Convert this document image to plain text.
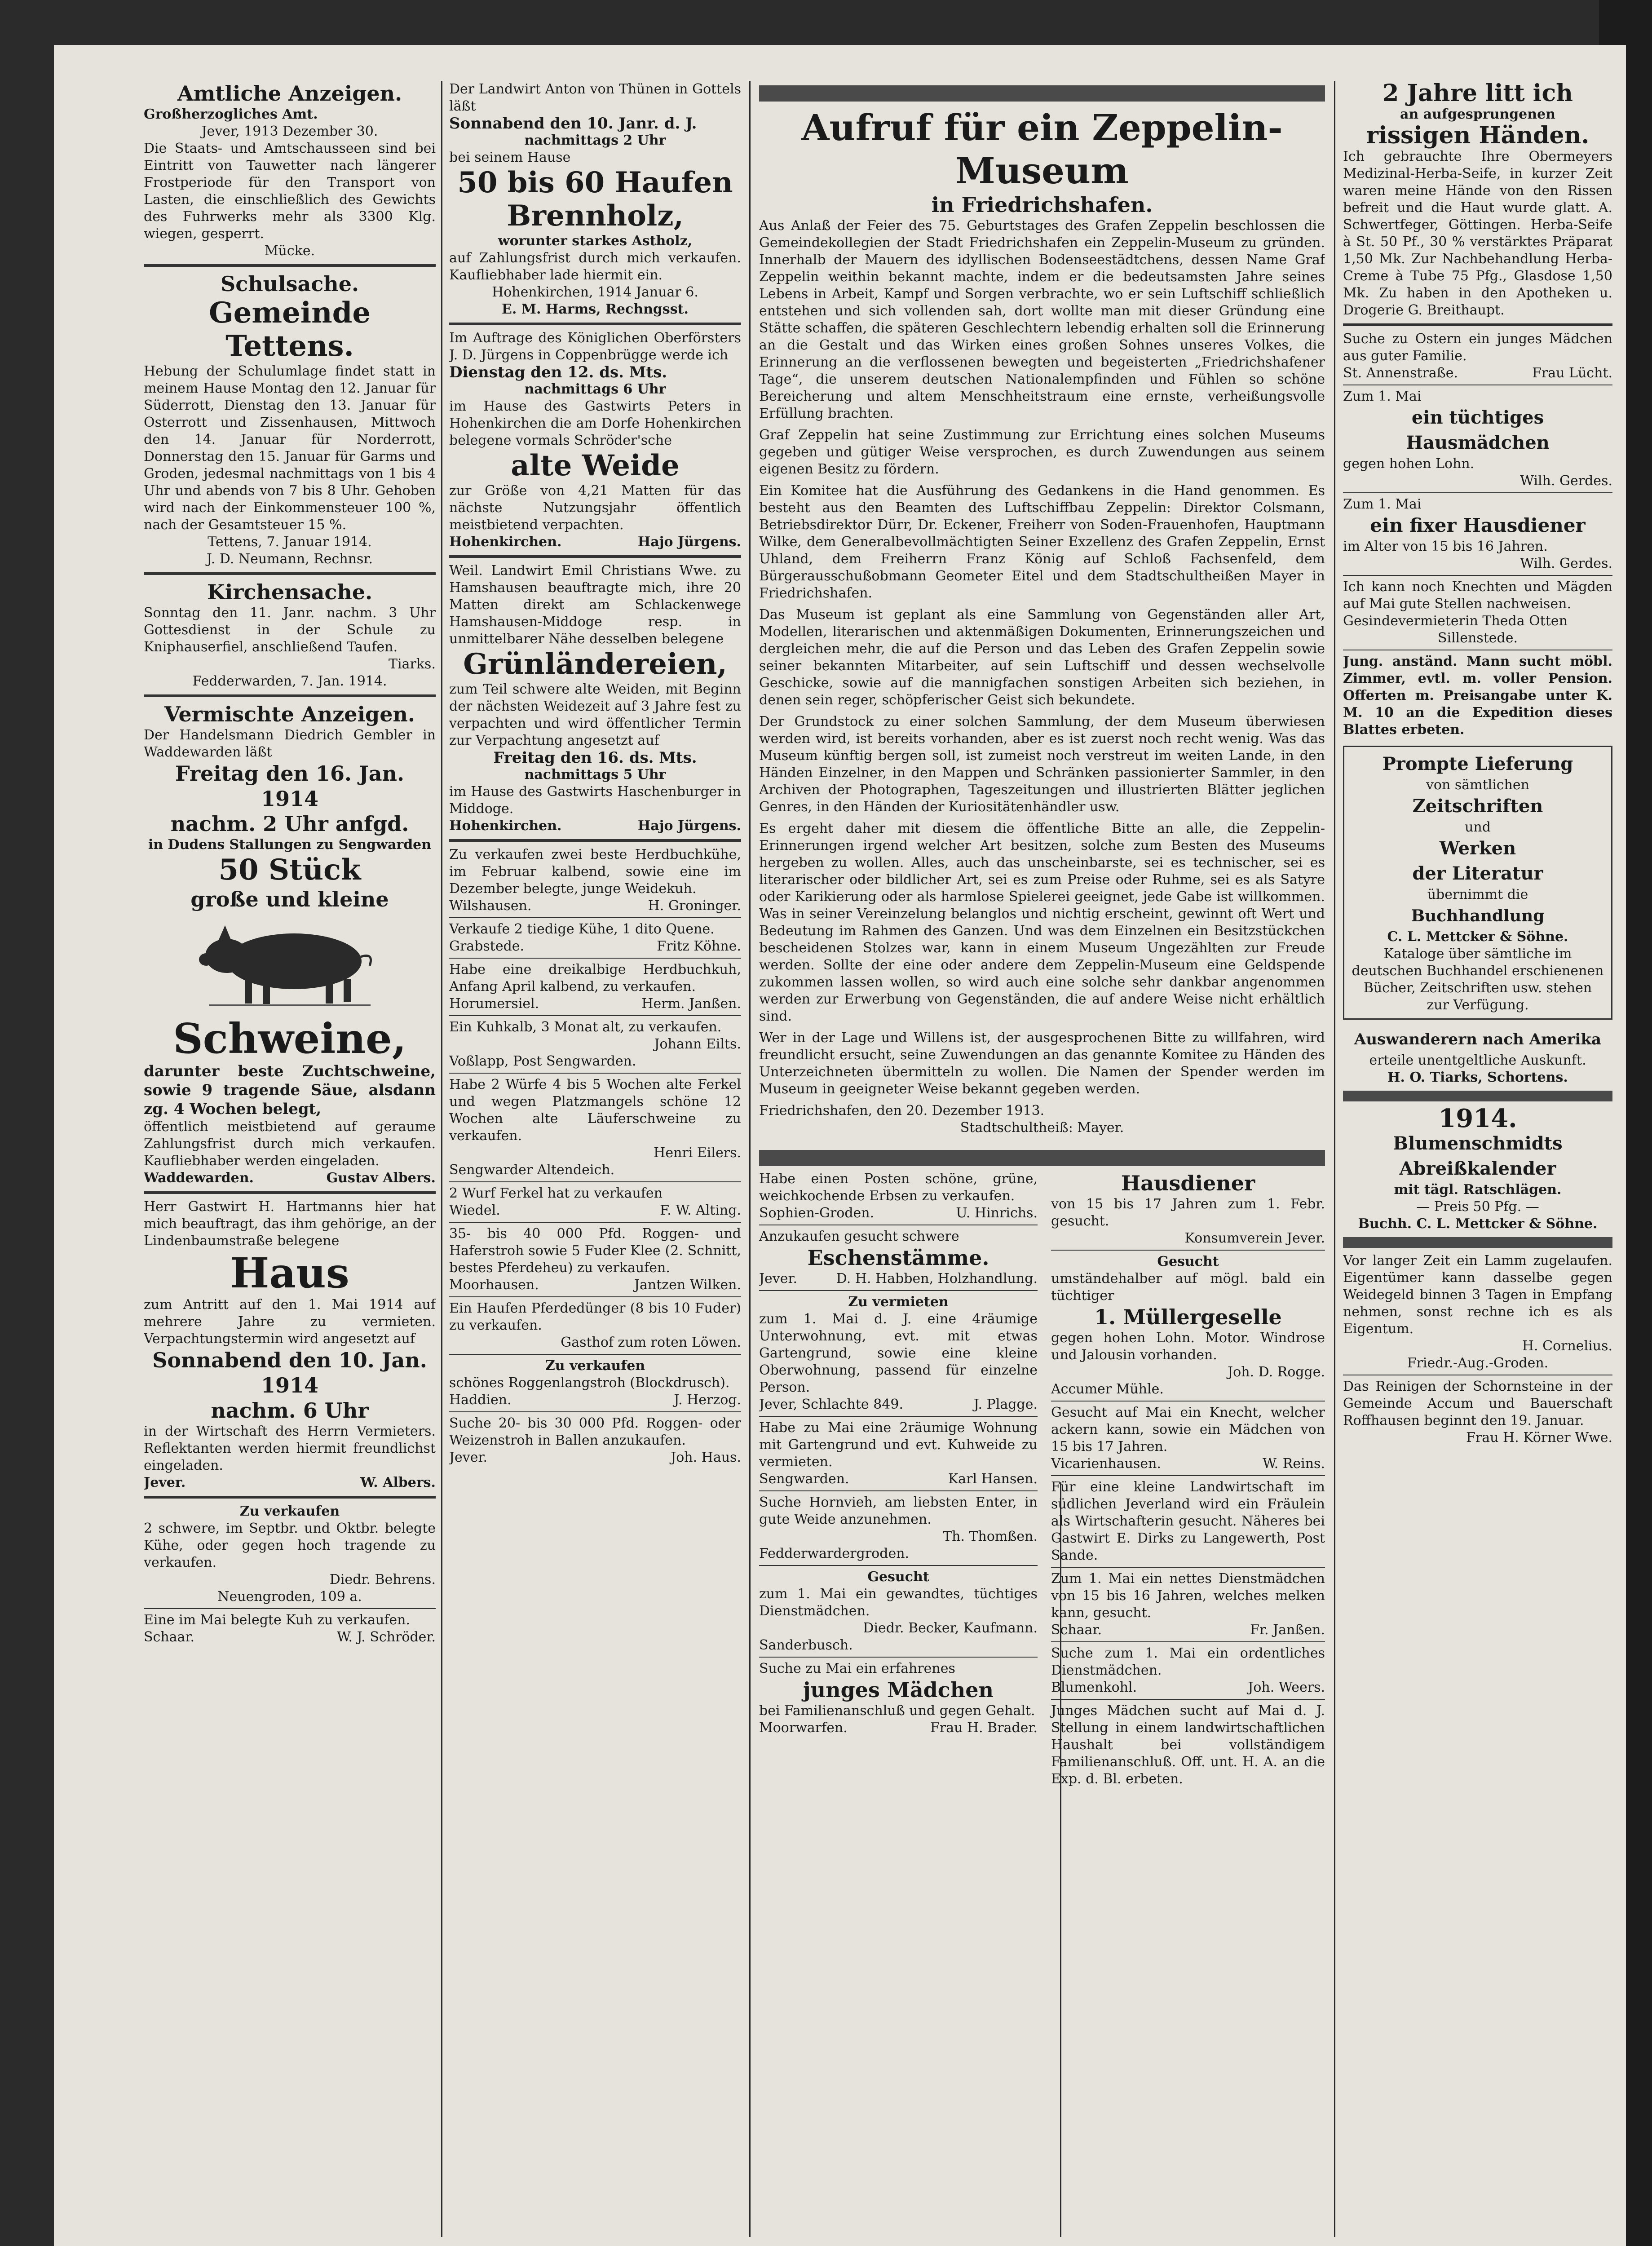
Amtliche Anzeigen.
Großherzogliches Amt.
Jever, 1913 Dezember 30.
Die Staats- und Amtschausseen sind bei Eintritt von Tauwetter nach längerer Frostperiode für den Transport von Lasten, die einschließlich des Gewichts des Fuhrwerks mehr als 3300 Klg. wiegen, gesperrt.
Mücke.
Schulsache.
Gemeinde Tettens.
Hebung der Schulumlage findet statt in meinem Hause Montag den 12. Januar für Süderrott, Dienstag den 13. Januar für Osterrott und Zissenhausen, Mittwoch den 14. Januar für Norderrott, Donnerstag den 15. Januar für Garms und Groden, jedesmal nachmittags von 1 bis 4 Uhr und abends von 7 bis 8 Uhr. Gehoben wird nach der Einkommensteuer 100 %, nach der Gesamtsteuer 15 %.
Tettens, 7. Januar 1914.
J. D. Neumann, Rechnsr.
Kirchensache.
Sonntag den 11. Janr. nachm. 3 Uhr Gottesdienst in der Schule zu Kniphauserfiel, anschließend Taufen.
Tiarks.
Fedderwarden, 7. Jan. 1914.
Vermischte Anzeigen.
Der Handelsmann Diedrich Gembler in Waddewarden läßt
Freitag den 16. Jan. 1914
nachm. 2 Uhr anfgd.
in Dudens Stallungen zu Sengwarden
50 Stück
große und kleine
Schweine,
darunter beste Zuchtschweine, sowie 9 tragende Säue, alsdann zg. 4 Wochen belegt,
öffentlich meistbietend auf geraume Zahlungsfrist durch mich verkaufen. Kaufliebhaber werden eingeladen.
Waddewarden.	Gustav Albers.
Herr Gastwirt H. Hartmanns hier hat mich beauftragt, das ihm gehörige, an der Lindenbaumstraße belegene
Haus
zum Antritt auf den 1. Mai 1914 auf mehrere Jahre zu vermieten. Verpachtungstermin wird angesetzt auf
Sonnabend den 10. Jan. 1914
nachm. 6 Uhr
in der Wirtschaft des Herrn Vermieters. Reflektanten werden hiermit freundlichst eingeladen.
Jever.	W. Albers.
Zu verkaufen
2 schwere, im Septbr. und Oktbr. belegte Kühe, oder gegen hoch tragende zu verkaufen.
Diedr. Behrens.
Neuengroden, 109 a.
Eine im Mai belegte Kuh zu verkaufen.
Schaar.	W. J. Schröder.
Der Landwirt Anton von Thünen in Gottels läßt
Sonnabend den 10. Janr. d. J.
nachmittags 2 Uhr
bei seinem Hause
50 bis 60 Haufen
Brennholz,
worunter starkes Astholz,
auf Zahlungsfrist durch mich verkaufen. Kaufliebhaber lade hiermit ein.
Hohenkirchen, 1914 Januar 6.
E. M. Harms, Rechngsst.
Im Auftrage des Königlichen Oberförsters J. D. Jürgens in Coppenbrügge werde ich
Dienstag den 12. ds. Mts.
nachmittags 6 Uhr
im Hause des Gastwirts Peters in Hohenkirchen die am Dorfe Hohenkirchen belegene vormals Schröder'sche
alte Weide
zur Größe von 4,21 Matten für das nächste Nutzungsjahr öffentlich meistbietend verpachten.
Hohenkirchen.	Hajo Jürgens.
Weil. Landwirt Emil Christians Wwe. zu Hamshausen beauftragte mich, ihre 20 Matten direkt am Schlackenwege Hamshausen-Middoge resp. in unmittelbarer Nähe desselben belegene
Grünländereien,
zum Teil schwere alte Weiden, mit Beginn der nächsten Weidezeit auf 3 Jahre fest zu verpachten und wird öffentlicher Termin zur Verpachtung angesetzt auf
Freitag den 16. ds. Mts.
nachmittags 5 Uhr
im Hause des Gastwirts Haschenburger in Middoge.
Hohenkirchen.	Hajo Jürgens.
Zu verkaufen zwei beste Herdbuchkühe, im Februar kalbend, sowie eine im Dezember belegte, junge Weidekuh.
Wilshausen.	H. Groninger.
Verkaufe 2 tiedige Kühe, 1 dito Quene.
Grabstede.	Fritz Köhne.
Habe eine dreikalbige Herdbuchkuh, Anfang April kalbend, zu verkaufen.
Horumersiel.	Herm. Janßen.
Ein Kuhkalb, 3 Monat alt, zu verkaufen.
Johann Eilts.
Voßlapp, Post Sengwarden.
Habe 2 Würfe 4 bis 5 Wochen alte Ferkel und wegen Platzmangels schöne 12 Wochen alte Läuferschweine zu verkaufen.
Henri Eilers.
Sengwarder Altendeich.
2 Wurf Ferkel hat zu verkaufen
Wiedel.	F. W. Alting.
35- bis 40 000 Pfd. Roggen- und Haferstroh sowie 5 Fuder Klee (2. Schnitt, bestes Pferdeheu) zu verkaufen.
Moorhausen.	Jantzen Wilken.
Ein Haufen Pferdedünger (8 bis 10 Fuder) zu verkaufen.
Gasthof zum roten Löwen.
Zu verkaufen
schönes Roggenlangstroh (Blockdrusch).
Haddien.	J. Herzog.
Suche 20- bis 30 000 Pfd. Roggen- oder Weizenstroh in Ballen anzukaufen.
Jever.	Joh. Haus.
Aufruf für ein Zeppelin-Museum
in Friedrichshafen.
Aus Anlaß der Feier des 75. Geburtstages des Grafen Zeppelin beschlossen die Gemeindekollegien der Stadt Friedrichshafen ein Zeppelin-Museum zu gründen. Innerhalb der Mauern des idyllischen Bodenseestädtchens, dessen Name Graf Zeppelin weithin bekannt machte, indem er die bedeutsamsten Jahre seines Lebens in Arbeit, Kampf und Sorgen verbrachte, wo er sein Luftschiff schließlich entstehen und sich vollenden sah, dort wollte man mit dieser Gründung eine Stätte schaffen, die späteren Geschlechtern lebendig erhalten soll die Erinnerung an die Gestalt und das Wirken eines großen Sohnes unseres Volkes, die Erinnerung an die verflossenen bewegten und begeisterten „Friedrichshafener Tage“, die unserem deutschen Nationalempfinden und Fühlen so schöne Bereicherung und altem Menschheitstraum eine ernste, verheißungsvolle Erfüllung brachten.
Graf Zeppelin hat seine Zustimmung zur Errichtung eines solchen Museums gegeben und gütiger Weise versprochen, es durch Zuwendungen aus seinem eigenen Besitz zu fördern.
Ein Komitee hat die Ausführung des Gedankens in die Hand genommen. Es besteht aus den Beamten des Luftschiffbau Zeppelin: Direktor Colsmann, Betriebsdirektor Dürr, Dr. Eckener, Freiherr von Soden-Frauenhofen, Hauptmann Wilke, dem Generalbevollmächtigten Seiner Exzellenz des Grafen Zeppelin, Ernst Uhland, dem Freiherrn Franz König auf Schloß Fachsenfeld, dem Bürgerausschußobmann Geometer Eitel und dem Stadtschultheißen Mayer in Friedrichshafen.
Das Museum ist geplant als eine Sammlung von Gegenständen aller Art, Modellen, literarischen und aktenmäßigen Dokumenten, Erinnerungszeichen und dergleichen mehr, die auf die Person und das Leben des Grafen Zeppelin sowie seiner bekannten Mitarbeiter, auf sein Luftschiff und dessen wechselvolle Geschicke, sowie auf die mannigfachen sonstigen Arbeiten sich beziehen, in denen sein reger, schöpferischer Geist sich bekundete.
Der Grundstock zu einer solchen Sammlung, der dem Museum überwiesen werden wird, ist bereits vorhanden, aber es ist zuerst noch recht wenig. Was das Museum künftig bergen soll, ist zumeist noch verstreut im weiten Lande, in den Händen Einzelner, in den Mappen und Schränken passionierter Sammler, in den Archiven der Photographen, Tageszeitungen und illustrierten Blätter jeglichen Genres, in den Händen der Kuriositätenhändler usw.
Es ergeht daher mit diesem die öffentliche Bitte an alle, die Zeppelin-Erinnerungen irgend welcher Art besitzen, solche zum Besten des Museums hergeben zu wollen. Alles, auch das unscheinbarste, sei es technischer, sei es literarischer oder bildlicher Art, sei es zum Preise oder Ruhme, sei es als Satyre oder Karikierung oder als harmlose Spielerei geeignet, jede Gabe ist willkommen. Was in seiner Vereinzelung belanglos und nichtig erscheint, gewinnt oft Wert und Bedeutung im Rahmen des Ganzen. Und was dem Einzelnen ein Besitzstückchen bescheidenen Stolzes war, kann in einem Museum Ungezählten zur Freude werden. Sollte der eine oder andere dem Zeppelin-Museum eine Geldspende zukommen lassen wollen, so wird auch eine solche sehr dankbar angenommen werden zur Erwerbung von Gegenständen, die auf andere Weise nicht erhältlich sind.
Wer in der Lage und Willens ist, der ausgesprochenen Bitte zu willfahren, wird freundlicht ersucht, seine Zuwendungen an das genannte Komitee zu Händen des Unterzeichneten übermitteln zu wollen. Die Namen der Spender werden im Museum in geeigneter Weise bekannt gegeben werden.
Friedrichshafen, den 20. Dezember 1913.
Stadtschultheiß: Mayer.
Habe einen Posten schöne, grüne, weichkochende Erbsen zu verkaufen.
Sophien-Groden.	U. Hinrichs.
Anzukaufen gesucht schwere
Eschenstämme.
Jever.	D. H. Habben, Holzhandlung.
Zu vermieten
zum 1. Mai d. J. eine 4räumige Unterwohnung, evt. mit etwas Gartengrund, sowie eine kleine Oberwohnung, passend für einzelne Person.
Jever, Schlachte 849.	J. Plagge.
Habe zu Mai eine 2räumige Wohnung mit Gartengrund und evt. Kuhweide zu vermieten.
Sengwarden.	Karl Hansen.
Suche Hornvieh, am liebsten Enter, in gute Weide anzunehmen.
Th. Thomßen.
Fedderwardergroden.
Gesucht
zum 1. Mai ein gewandtes, tüchtiges Dienstmädchen.
Diedr. Becker, Kaufmann.
Sanderbusch.
Suche zu Mai ein erfahrenes
junges Mädchen
bei Familienanschluß und gegen Gehalt.
Moorwarfen.	Frau H. Brader.
Hausdiener
von 15 bis 17 Jahren zum 1. Febr. gesucht.
Konsumverein Jever.
Gesucht
umständehalber auf mögl. bald ein tüchtiger
1. Müllergeselle
gegen hohen Lohn. Motor. Windrose und Jalousin vorhanden.
Joh. D. Rogge.
Accumer Mühle.
Gesucht auf Mai ein Knecht, welcher ackern kann, sowie ein Mädchen von 15 bis 17 Jahren.
Vicarienhausen.	W. Reins.
Für eine kleine Landwirtschaft im südlichen Jeverland wird ein Fräulein als Wirtschafterin gesucht. Näheres bei Gastwirt E. Dirks zu Langewerth, Post Sande.
Zum 1. Mai ein nettes Dienstmädchen von 15 bis 16 Jahren, welches melken kann, gesucht.
Schaar.	Fr. Janßen.
Suche zum 1. Mai ein ordentliches Dienstmädchen.
Blumenkohl.	Joh. Weers.
Junges Mädchen sucht auf Mai d. J. Stellung in einem landwirtschaftlichen Haushalt bei vollständigem Familienanschluß. Off. unt. H. A. an die Exp. d. Bl. erbeten.
2 Jahre litt ich
an aufgesprungenen
rissigen Händen.
Ich gebrauchte Ihre Obermeyers Medizinal-Herba-Seife, in kurzer Zeit waren meine Hände von den Rissen befreit und die Haut wurde glatt. A. Schwertfeger, Göttingen. Herba-Seife à St. 50 Pf., 30 % verstärktes Präparat 1,50 Mk. Zur Nachbehandlung Herba-Creme à Tube 75 Pfg., Glasdose 1,50 Mk. Zu haben in den Apotheken u. Drogerie G. Breithaupt.
Suche zu Ostern ein junges Mädchen aus guter Familie.
St. Annenstraße.	Frau Lücht.
Zum 1. Mai
ein tüchtiges Hausmädchen
gegen hohen Lohn.
Wilh. Gerdes.
Zum 1. Mai
ein fixer Hausdiener
im Alter von 15 bis 16 Jahren.
Wilh. Gerdes.
Ich kann noch Knechten und Mägden auf Mai gute Stellen nachweisen.
Gesindevermieterin Theda Otten
Sillenstede.
Jung. anständ. Mann sucht möbl. Zimmer, evtl. m. voller Pension. Offerten m. Preisangabe unter K. M. 10 an die Expedition dieses Blattes erbeten.
Prompte Lieferung
von sämtlichen
Zeitschriften
und
Werken
der Literatur
übernimmt die
Buchhandlung
C. L. Mettcker & Söhne.
Kataloge über sämtliche im deutschen Buchhandel erschienenen Bücher, Zeitschriften usw. stehen zur Verfügung.
Auswanderern nach Amerika
erteile unentgeltliche Auskunft.
H. O. Tiarks, Schortens.
1914.
Blumenschmidts Abreißkalender
mit tägl. Ratschlägen.
— Preis 50 Pfg. —
Buchh. C. L. Mettcker & Söhne.
Vor langer Zeit ein Lamm zugelaufen. Eigentümer kann dasselbe gegen Weidegeld binnen 3 Tagen in Empfang nehmen, sonst rechne ich es als Eigentum.
H. Cornelius.
Friedr.-Aug.-Groden.
Das Reinigen der Schornsteine in der Gemeinde Accum und Bauerschaft Roffhausen beginnt den 19. Januar.
Frau H. Körner Wwe.
